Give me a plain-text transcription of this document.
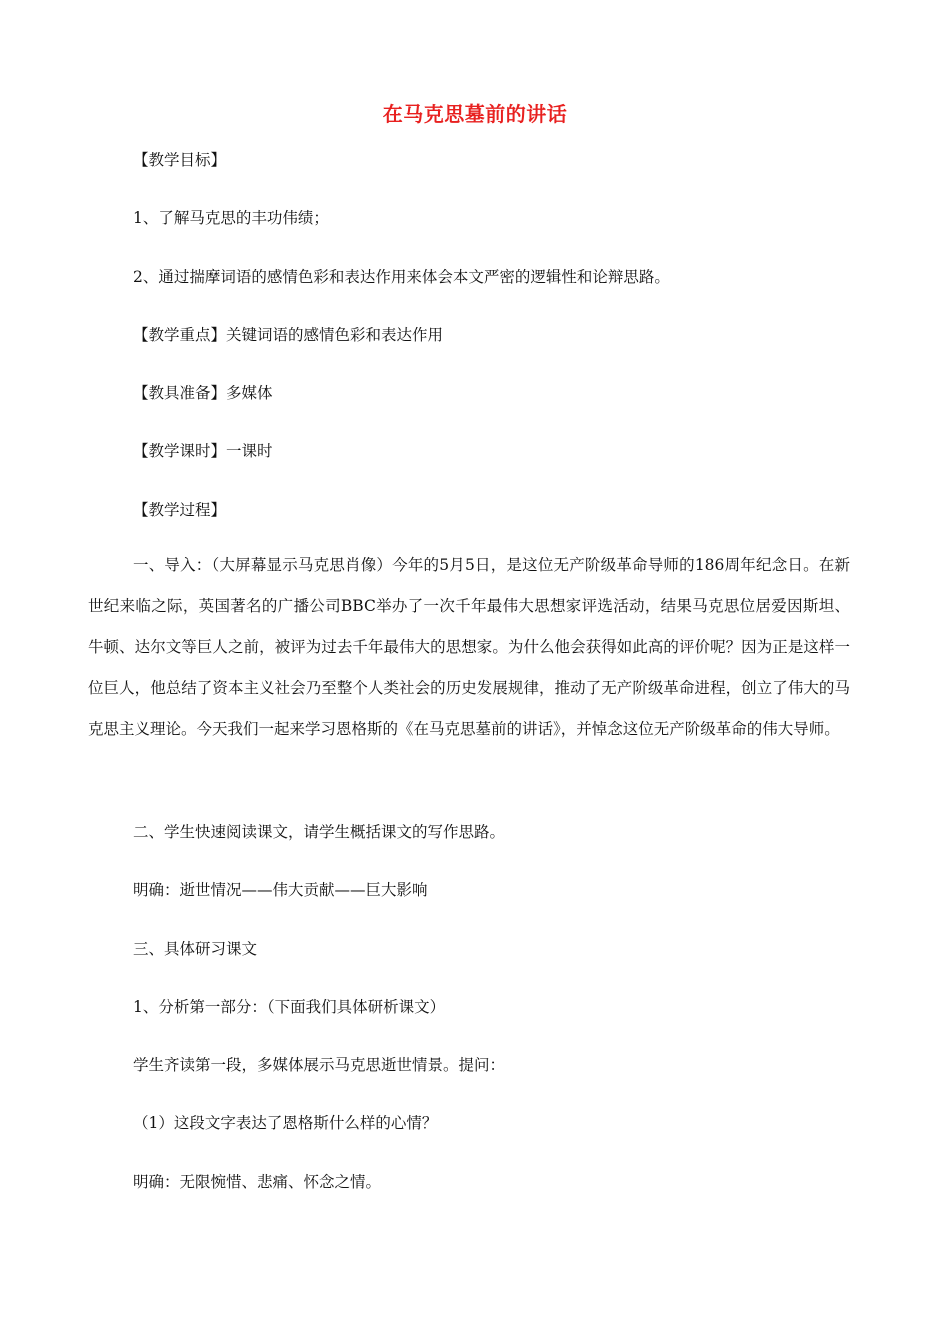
在马克思墓前的讲话
【教学目标】
1、了解马克思的丰功伟绩；
2、通过揣摩词语的感情色彩和表达作用来体会本文严密的逻辑性和论辩思路。
【教学重点】关键词语的感情色彩和表达作用
【教具准备】多媒体
【教学课时】一课时
【教学过程】
一、导入：（大屏幕显示马克思肖像）今年的5月5日，是这位无产阶级革命导师的186周年纪念日。在新世纪来临之际，英国著名的广播公司BBC举办了一次千年最伟大思想家评选活动，结果马克思位居爱因斯坦、牛顿、达尔文等巨人之前，被评为过去千年最伟大的思想家。为什么他会获得如此高的评价呢？因为正是这样一位巨人，他总结了资本主义社会乃至整个人类社会的历史发展规律，推动了无产阶级革命进程，创立了伟大的马克思主义理论。今天我们一起来学习恩格斯的《在马克思墓前的讲话》，并悼念这位无产阶级革命的伟大导师。
二、学生快速阅读课文，请学生概括课文的写作思路。
明确：逝世情况——伟大贡献——巨大影响
三、具体研习课文
1、分析第一部分：（下面我们具体研析课文）
学生齐读第一段，多媒体展示马克思逝世情景。提问：
（1）这段文字表达了恩格斯什么样的心情？
明确：无限惋惜、悲痛、怀念之情。
